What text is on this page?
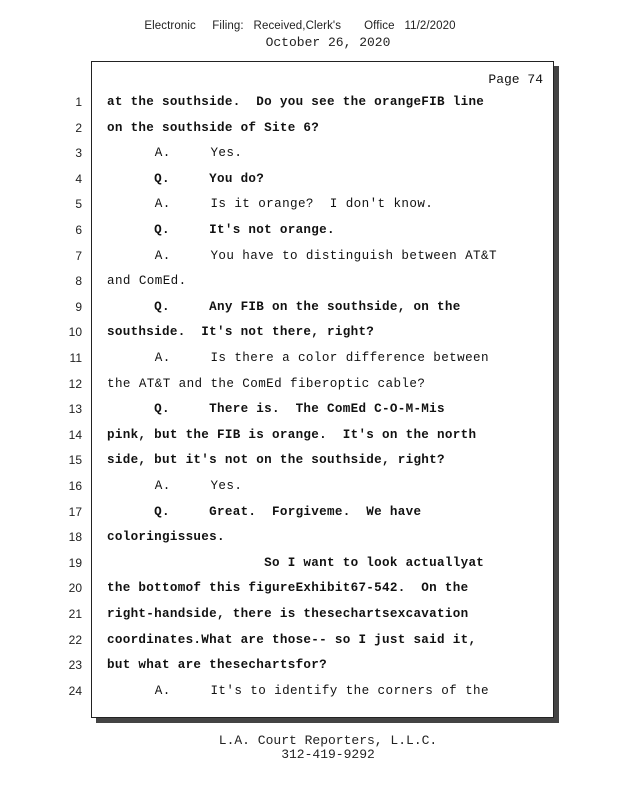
Electronic     Filing:   Received,Clerk's       Office   11/2/2020
October 26, 2020
Page 74
1 at the southside.  Do you see the orangeFIB line
2 on the southside of Site 6?
3 A.     Yes.
4 Q.     You do?
5 A.     Is it orange?  I don't know.
6 Q.     It's not orange.
7 A.     You have to distinguish between AT&T
8 and ComEd.
9 Q.     Any FIB on the southside, on the
10 southside.  It's not there, right?
11 A.     Is there a color difference between
12 the AT&T and the ComEd fiberoptic cable?
13 Q.     There is.  The ComEd C-O-M-Mis
14 pink, but the FIB is orange.  It's on the north
15 side, but it's not on the southside, right?
16 A.     Yes.
17 Q.     Great.  Forgiveme.  We have
18 coloringissues.
19 So I want to look actuallyat
20 the bottomof this figureExhibit67-542.  On the
21 right-handside, there is thesechartsexcavation
22 coordinates.What are those-- so I just said it,
23 but what are thesechartsfor?
24 A.     It's to identify the corners of the
L.A. Court Reporters, L.L.C.
312-419-9292
